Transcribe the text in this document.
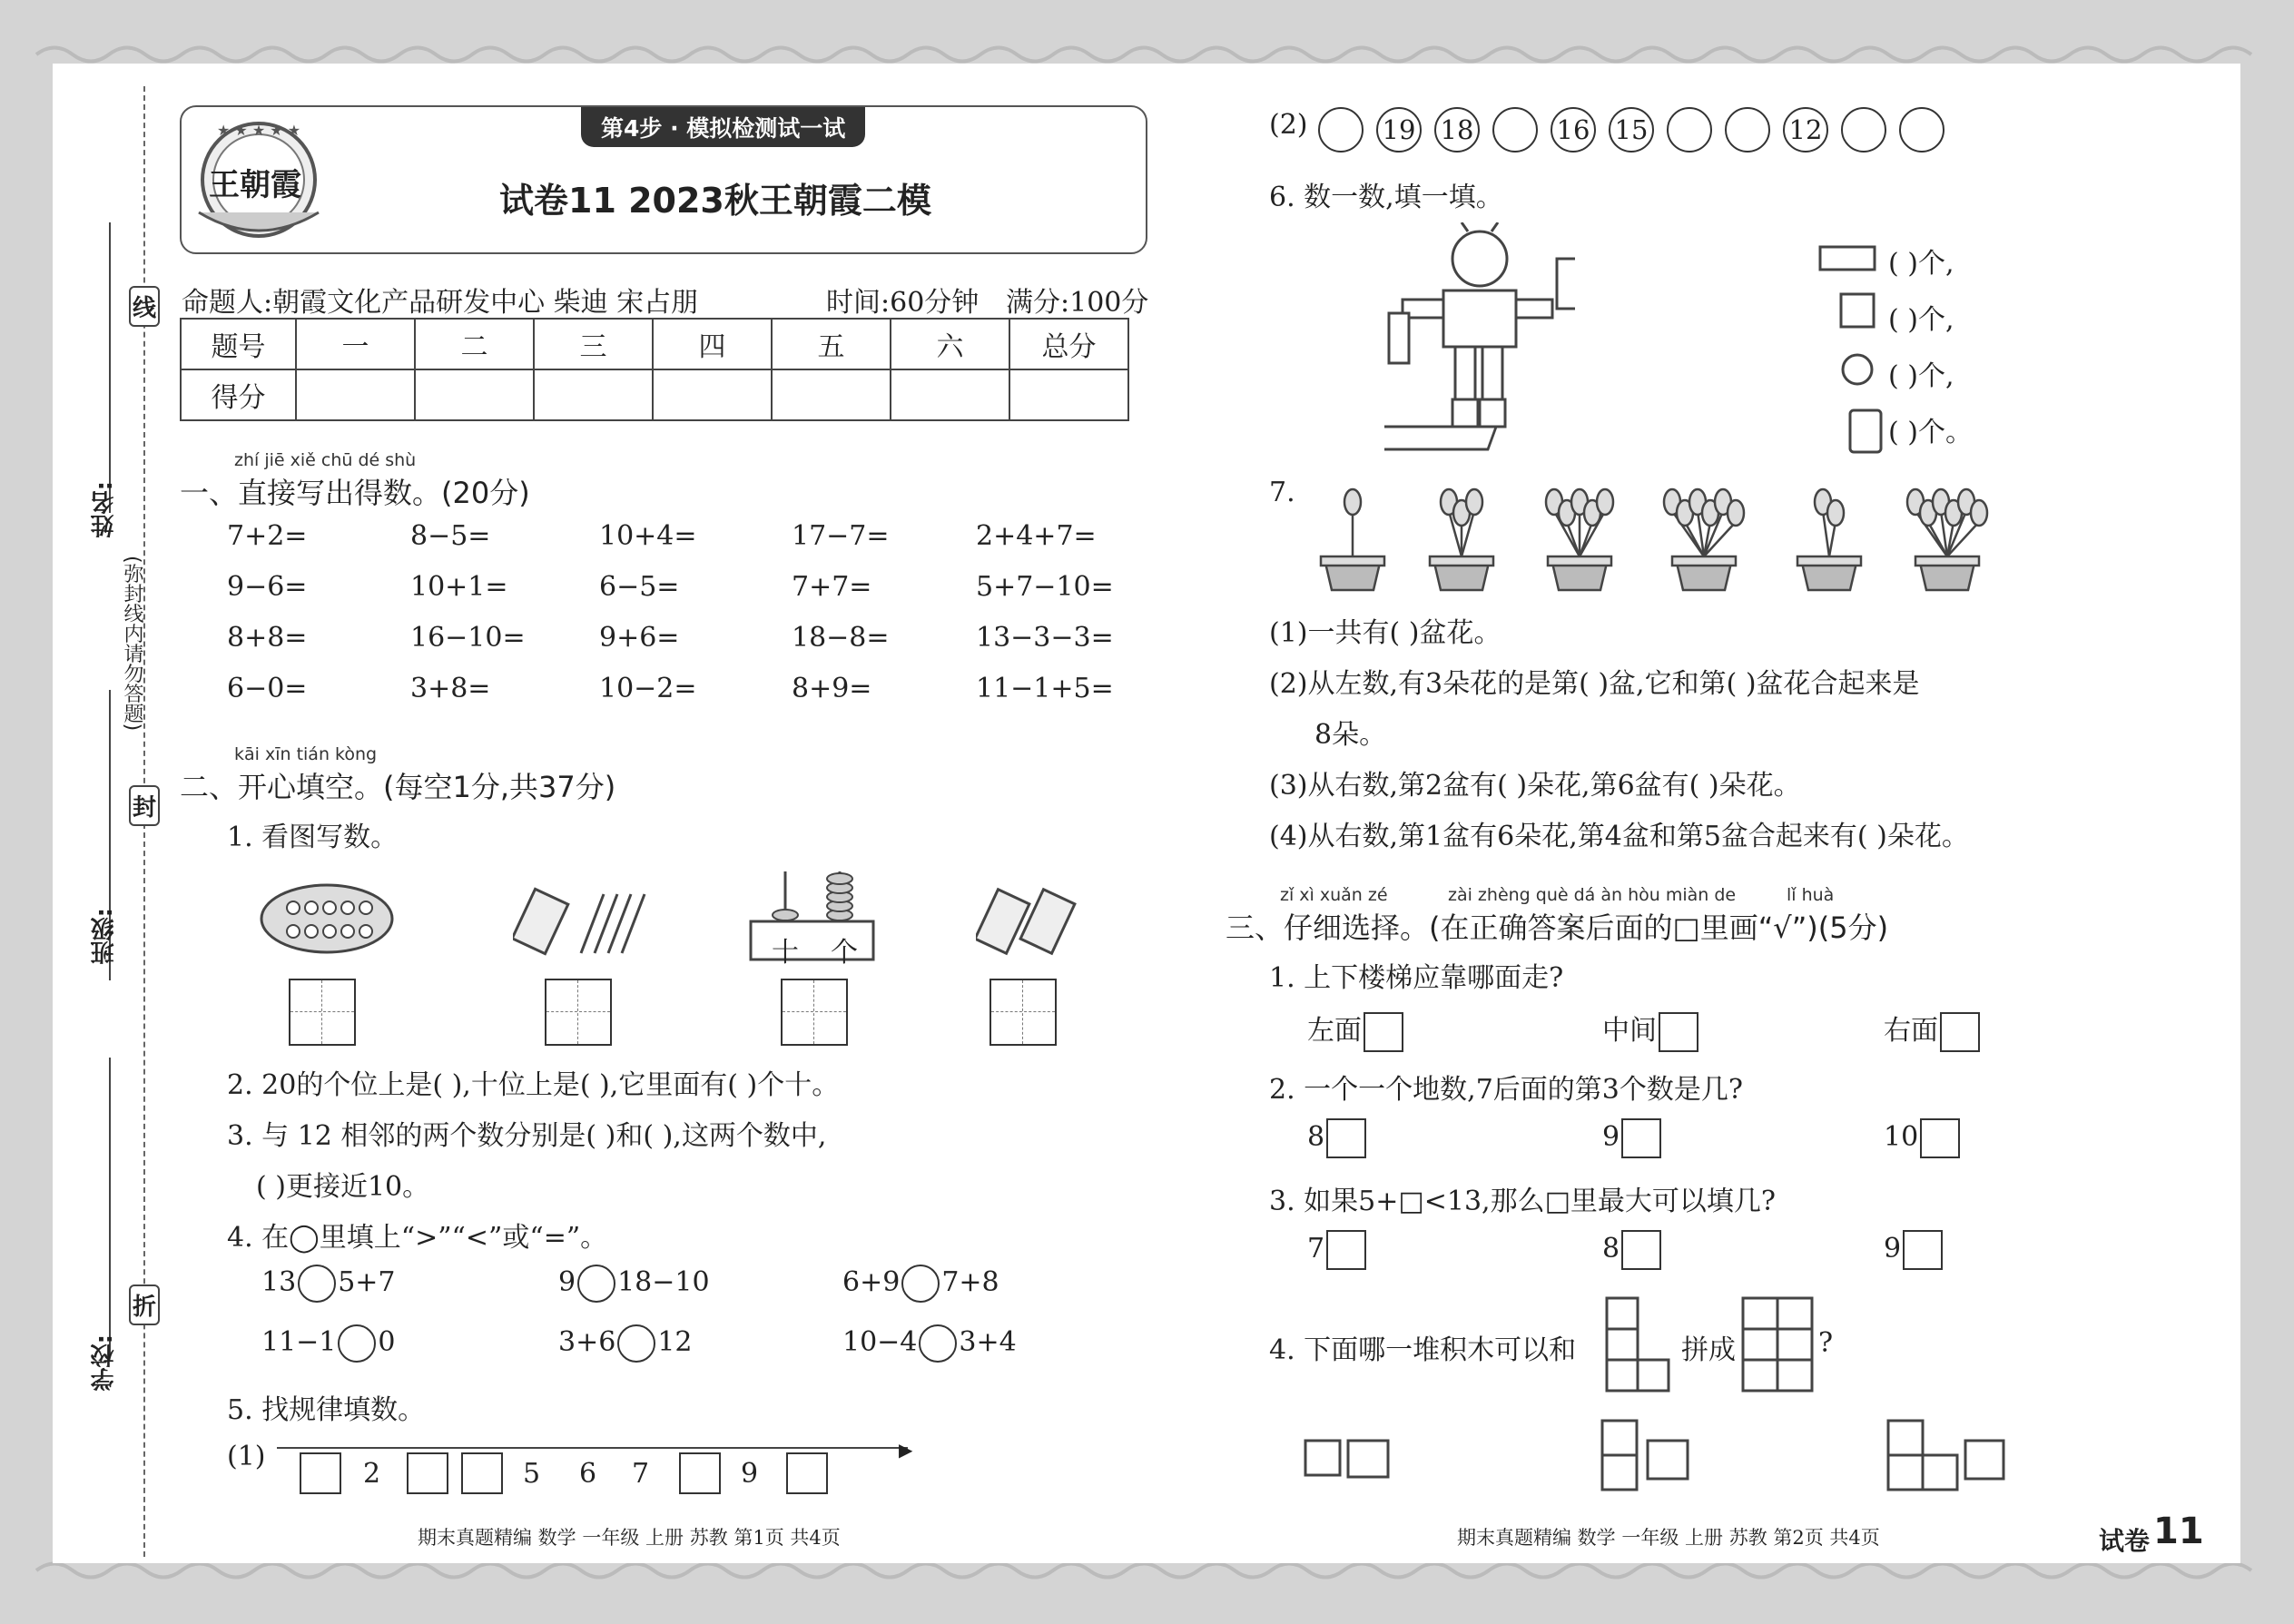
线
封
折
(弥封线内请勿答题)
姓名:
班级:
学校:
第4步 · 模拟检测试一试
★ ★ ★ ★ ★
王朝霞	试卷11 2023秋王朝霞二模
命题人:朝霞文化产品研发中心 柴迪 宋占朋	时间:60分钟 满分:100分
题号	一	二	三	四	五	六	总分
得分							
zhí jiē xiě chū dé shù
一、直接写出得数。(20分)
kāi xīn tián kòng
二、开心填空。(每空1分,共37分)
1. 看图写数。
十 个
2. 20的个位上是( ),十位上是( ),它里面有( )个十。
3. 与 12 相邻的两个数分别是( )和( ),这两个数中,
( )更接近10。
4. 在◯里填上“>”“<”或“=”。
5. 找规律填数。
(1)	▶
(2)
6. 数一数,填一填。
7.
(1)一共有( )盆花。
(2)从左数,有3朵花的是第( )盆,它和第( )盆花合起来是
8朵。
(3)从右数,第2盆有( )朵花,第6盆有( )朵花。
(4)从右数,第1盆有6朵花,第4盆和第5盆合起来有( )朵花。
zǐ xì xuǎn zé	zài zhèng què dá àn hòu miàn de	lǐ huà
三、仔细选择。(在正确答案后面的□里画“√”)(5分)
1. 上下楼梯应靠哪面走?
2. 一个一个地数,7后面的第3个数是几?
3. 如果5+□<13,那么□里最大可以填几?
4. 下面哪一堆积木可以和	拼成	?
期末真题精编 数学 一年级 上册 苏教 第1页 共4页	期末真题精编 数学 一年级 上册 苏教 第2页 共4页	试卷 11
7+2=	8−5=	10+4=	17−7=	2+4+7=
9−6=	10+1=	6−5=	7+7=	5+7−10=
8+8=	16−10=	9+6=	18−8=	13−3−3=
6−0=	3+8=	10−2=	8+9=	11−1+5=
13 5+7	9 18−10	6+9 7+8
11−1 0	3+6 12	10−4 3+4
2	5 6 7	9
19 18	16 15	12
( )个,
( )个,
( )个,
( )个。
左面	中间	右面
8	9	10
7	8	9
